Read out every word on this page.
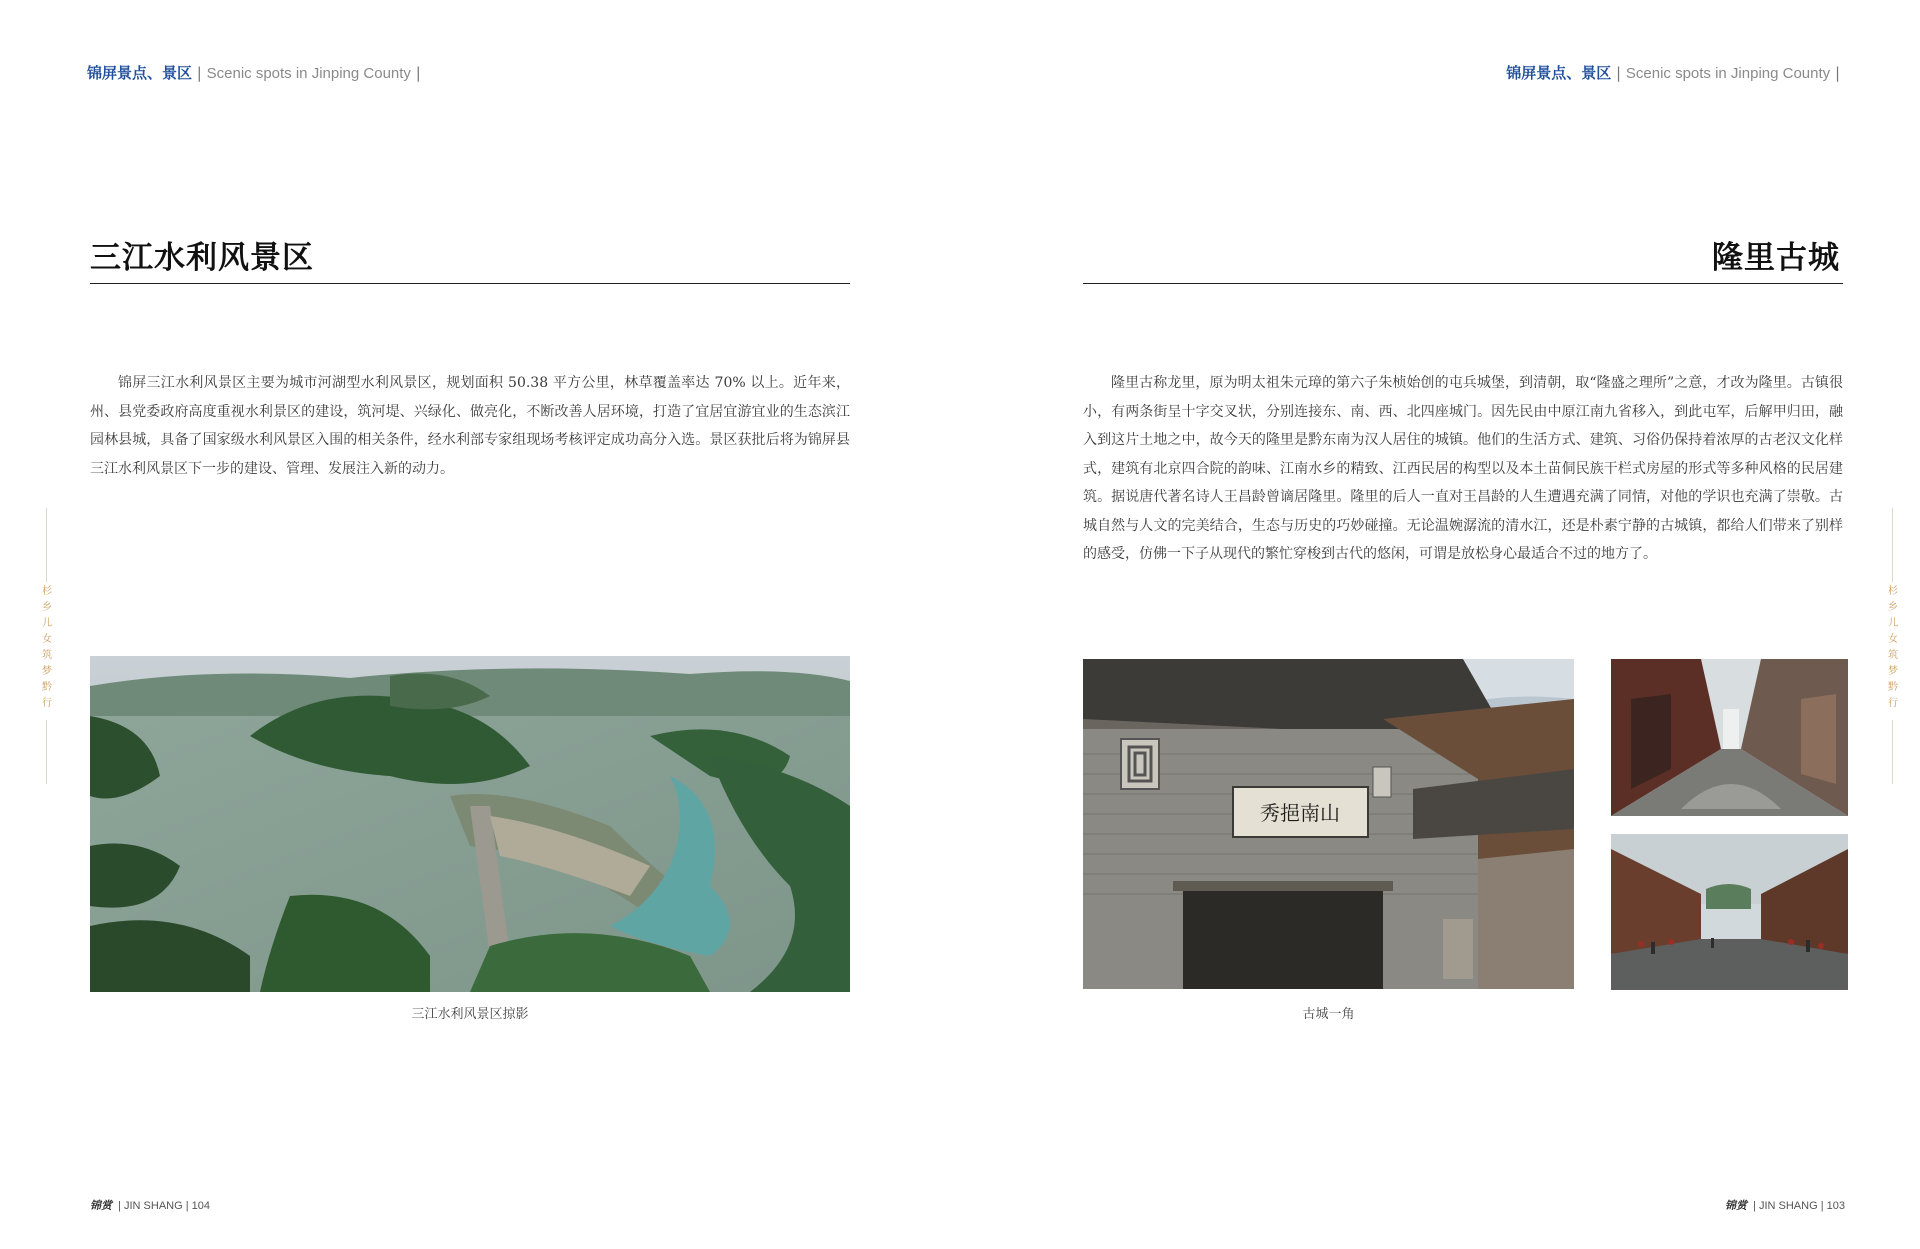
锦屏景点、景区 | Scenic spots in Jinping County |
三江水利风景区

锦屏三江水利风景区主要为城市河湖型水利风景区，规划面积 50.38 平方公里，林草覆盖率达 70% 以上。近年来，州、县党委政府高度重视水利景区的建设，筑河堤、兴绿化、做亮化，不断改善人居环境，打造了宜居宜游宜业的生态滨江园林县城，具备了国家级水利风景区入围的相关条件，经水利部专家组现场考核评定成功高分入选。景区获批后将为锦屏县三江水利风景区下一步的建设、管理、发展注入新的动力。

三江水利风景区掠影
杉
乡
儿
女
筑
梦
黔
行
锦赏 | JIN SHANG | 104
锦屏景点、景区 | Scenic spots in Jinping County |
隆里古城

隆里古称龙里，原为明太祖朱元璋的第六子朱桢始创的屯兵城堡，到清朝，取“隆盛之理所”之意，才改为隆里。古镇很小，有两条街呈十字交叉状，分别连接东、南、西、北四座城门。因先民由中原江南九省移入，到此屯军，后解甲归田，融入到这片土地之中，故今天的隆里是黔东南为汉人居住的城镇。他们的生活方式、建筑、习俗仍保持着浓厚的古老汉文化样式，建筑有北京四合院的韵味、江南水乡的精致、江西民居的构型以及本土苗侗民族干栏式房屋的形式等多种风格的民居建筑。据说唐代著名诗人王昌龄曾谪居隆里。隆里的后人一直对王昌龄的人生遭遇充满了同情，对他的学识也充满了崇敬。古城自然与人文的完美结合，生态与历史的巧妙碰撞。无论温婉潺流的清水江，还是朴素宁静的古城镇，都给人们带来了别样的感受，仿佛一下子从现代的繁忙穿梭到古代的悠闲，可谓是放松身心最适合不过的地方了。

秀挹南山
古城一角
杉
乡
儿
女
筑
梦
黔
行
锦赏 | JIN SHANG | 103
